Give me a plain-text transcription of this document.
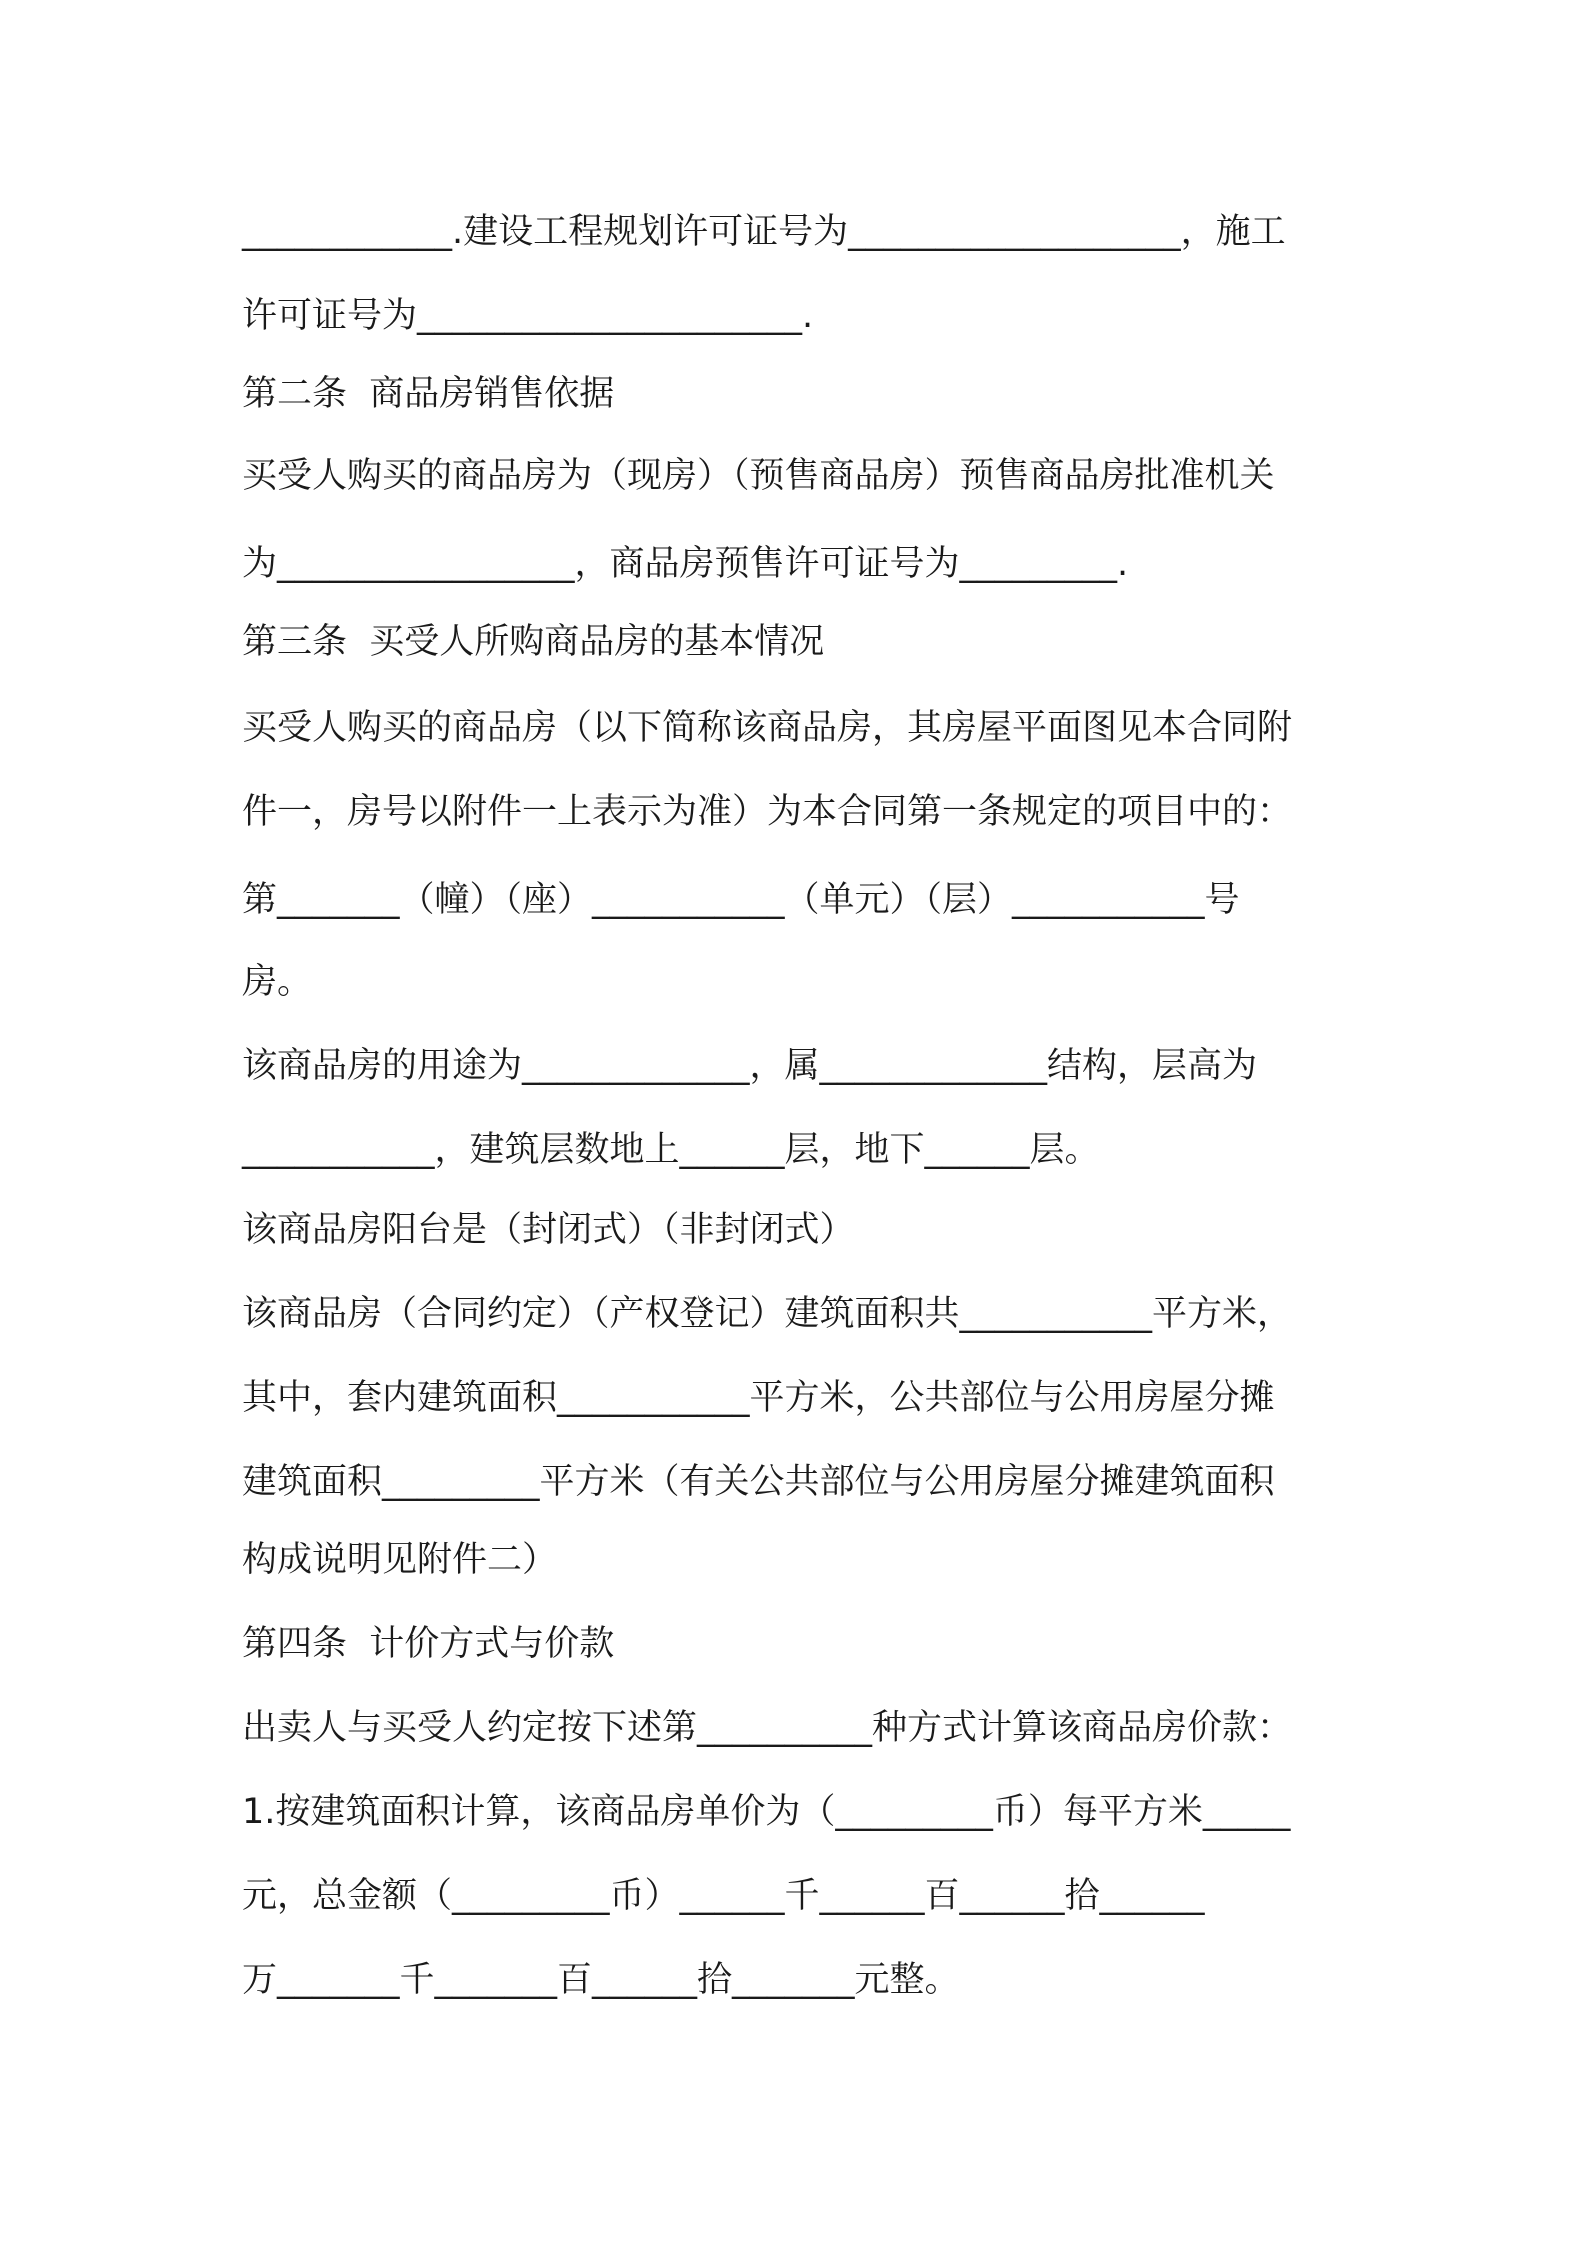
____________.建设工程规划许可证号为___________________，施工
许可证号为______________________.
第二条  商品房销售依据
买受人购买的商品房为（现房）（预售商品房）预售商品房批准机关
为_________________，商品房预售许可证号为_________.
第三条  买受人所购商品房的基本情况
买受人购买的商品房（以下简称该商品房，其房屋平面图见本合同附
件一，房号以附件一上表示为准）为本合同第一条规定的项目中的：
第_______（幢）（座）___________（单元）（层）___________号
房。
该商品房的用途为_____________，属_____________结构，层高为
___________，建筑层数地上______层，地下______层。
该商品房阳台是（封闭式）（非封闭式）
该商品房（合同约定）（产权登记）建筑面积共___________平方米，
其中，套内建筑面积___________平方米，公共部位与公用房屋分摊
建筑面积_________平方米（有关公共部位与公用房屋分摊建筑面积
构成说明见附件二）
第四条  计价方式与价款
出卖人与买受人约定按下述第__________种方式计算该商品房价款：
1.按建筑面积计算，该商品房单价为（_________币）每平方米_____
元，总金额（_________币）______千______百______拾______
万_______千_______百______拾_______元整。
